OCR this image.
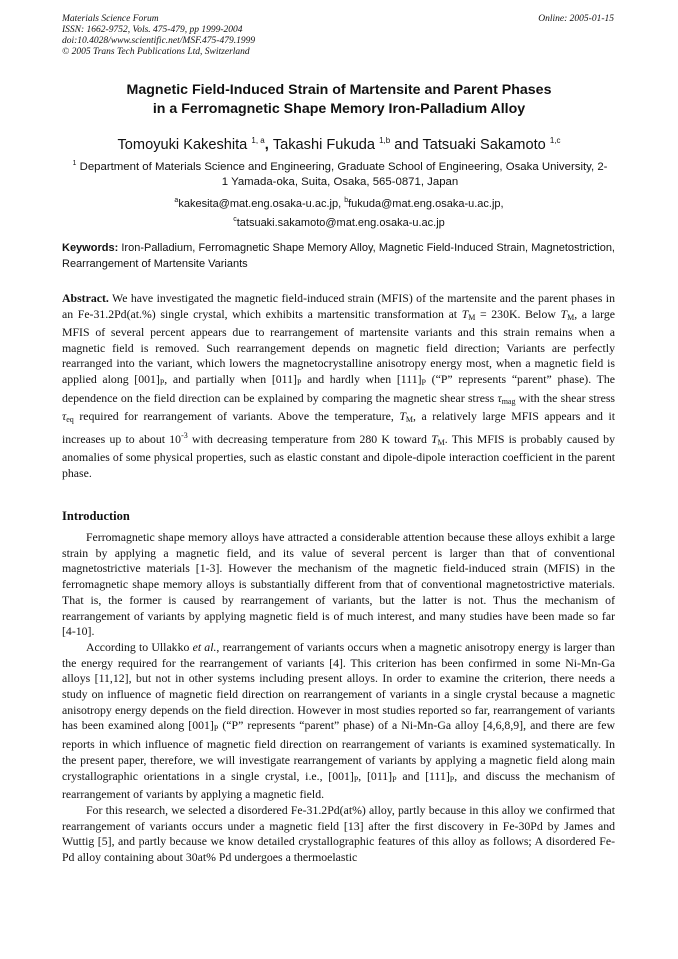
Materials Science Forum
ISSN: 1662-9752, Vols. 475-479, pp 1999-2004
doi:10.4028/www.scientific.net/MSF.475-479.1999
© 2005 Trans Tech Publications Ltd, Switzerland
Online: 2005-01-15
Magnetic Field-Induced Strain of Martensite and Parent Phases
in a Ferromagnetic Shape Memory Iron-Palladium Alloy
Tomoyuki Kakeshita $^{1, a}$, Takashi Fukuda $^{1,b}$ and Tatsuaki Sakamoto $^{1,c}$
$^1$ Department of Materials Science and Engineering, Graduate School of Engineering, Osaka University, 2-1 Yamada-oka, Suita, Osaka, 565-0871, Japan
$^a$kakesita@mat.eng.osaka-u.ac.jp, $^b$fukuda@mat.eng.osaka-u.ac.jp,
$^c$tatsuaki.sakamoto@mat.eng.osaka-u.ac.jp
Keywords: Iron-Palladium, Ferromagnetic Shape Memory Alloy, Magnetic Field-Induced Strain, Magnetostriction, Rearrangement of Martensite Variants
Abstract. We have investigated the magnetic field-induced strain (MFIS) of the martensite and the parent phases in an Fe-31.2Pd(at.%) single crystal, which exhibits a martensitic transformation at $T_M = 230K$. Below $T_M$, a large MFIS of several percent appears due to rearrangement of martensite variants and this strain remains when a magnetic field is removed. Such rearrangement depends on magnetic field direction; Variants are perfectly rearranged into the variant, which lowers the magnetocrystalline anisotropy energy most, when a magnetic field is applied along $[001]_P$, and partially when $[011]_P$ and hardly when $[111]_P$ (“P” represents “parent” phase). The dependence on the field direction can be explained by comparing the magnetic shear stress $\tau_{mag}$ with the shear stress $\tau_{eq}$ required for rearrangement of variants. Above the temperature, $T_M$, a relatively large MFIS appears and it increases up to about $10^{-3}$ with decreasing temperature from 280 K toward $T_M$. This MFIS is probably caused by anomalies of some physical properties, such as elastic constant and dipole-dipole interaction coefficient in the parent phase.
Introduction

Ferromagnetic shape memory alloys have attracted a considerable attention because these alloys exhibit a large strain by applying a magnetic field, and its value of several percent is larger than that of conventional magnetostrictive materials [1-3]. However the mechanism of the magnetic field-induced strain (MFIS) in the ferromagnetic shape memory alloys is substantially different from that of conventional magnetostrictive materials. That is, the former is caused by rearrangement of variants, but the latter is not. Thus the mechanism of rearrangement of variants by applying magnetic field is of much interest, and many studies have been made so far [4-10].

According to Ullakko et al., rearrangement of variants occurs when a magnetic anisotropy energy is larger than the energy required for the rearrangement of variants [4]. This criterion has been confirmed in some Ni-Mn-Ga alloys [11,12], but not in other systems including present alloys. In order to examine the criterion, there needs a study on influence of magnetic field direction on rearrangement of variants in a single crystal because a magnetic anisotropy energy depends on the field direction. However in most studies reported so far, rearrangement of variants has been examined along $[001]_P$ (“P” represents “parent” phase) of a Ni-Mn-Ga alloy [4,6,8,9], and there are few reports in which influence of magnetic field direction on rearrangement of variants is examined systematically. In the present paper, therefore, we will investigate rearrangement of variants by applying a magnetic field along main crystallographic orientations in a single crystal, i.e., $[001]_P$, $[011]_P$ and $[111]_P$, and discuss the mechanism of rearrangement of variants by applying a magnetic field.

For this research, we selected a disordered Fe-31.2Pd(at%) alloy, partly because in this alloy we confirmed that rearrangement of variants occurs under a magnetic field [13] after the first discovery in Fe-30Pd by James and Wuttig [5], and partly because we know detailed crystallographic features of this alloy as follows; A disordered Fe-Pd alloy containing about 30at% Pd undergoes a thermoelastic
